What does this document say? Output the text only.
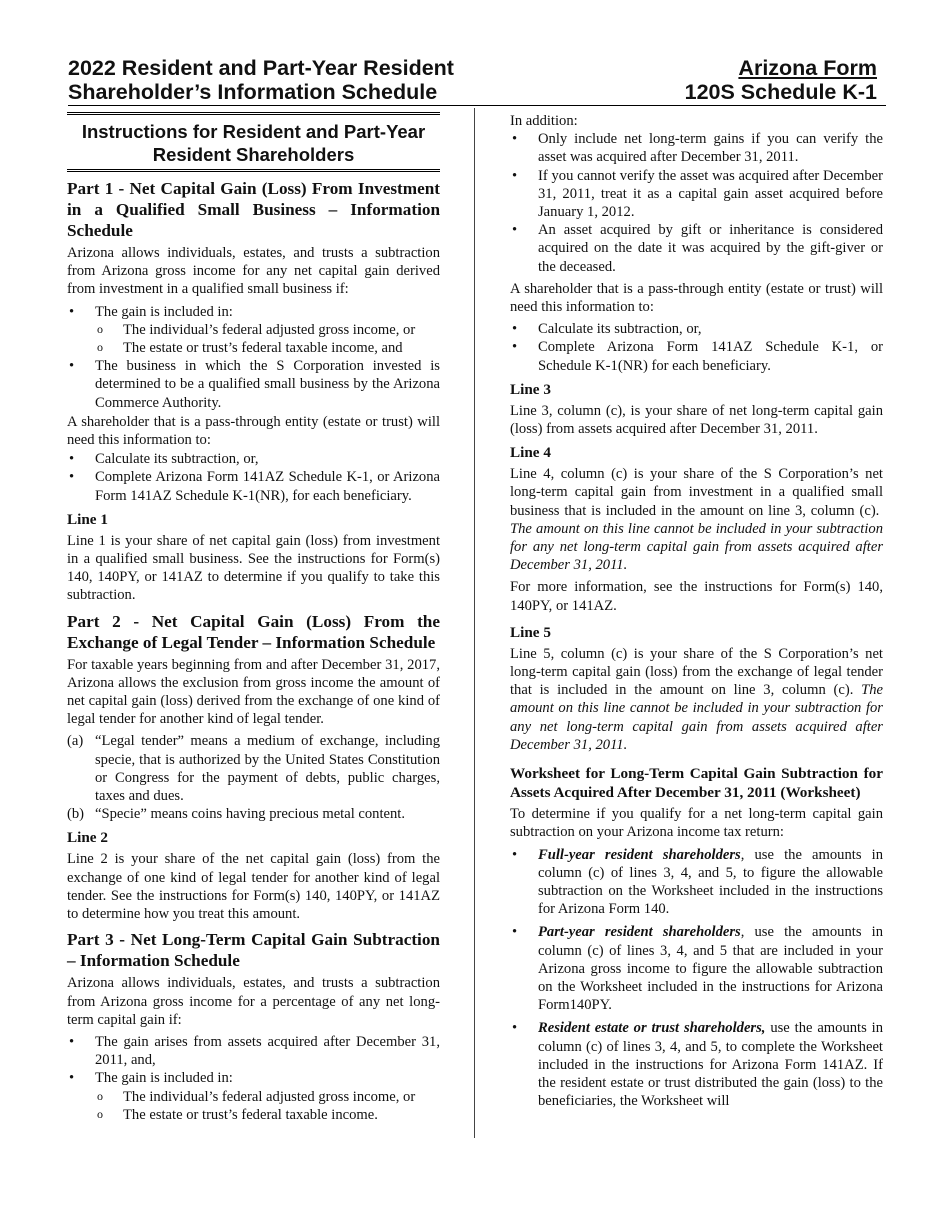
2022 Resident and Part-Year Resident
Shareholder’s Information Schedule
Arizona Form
120S Schedule K-1
Instructions for Resident and Part-Year Resident Shareholders
Part 1 - Net Capital Gain (Loss) From Investment in a Qualified Small Business – Information Schedule

Arizona allows individuals, estates, and trusts a subtraction from Arizona gross income for any net capital gain derived from investment in a qualified small business if:

• The gain is included in:
o The individual’s federal adjusted gross income, or
o The estate or trust’s federal taxable income, and
• The business in which the S Corporation invested is determined to be a qualified small business by the Arizona Commerce Authority.

A shareholder that is a pass-through entity (estate or trust) will need this information to:

• Calculate its subtraction, or,
• Complete Arizona Form 141AZ Schedule K-1, or Arizona Form 141AZ Schedule K-1(NR), for each beneficiary.
Line 1

Line 1 is your share of net capital gain (loss) from investment in a qualified small business. See the instructions for Form(s) 140, 140PY, or 141AZ to determine if you qualify to take this subtraction.

Part 2 - Net Capital Gain (Loss) From the Exchange of Legal Tender – Information Schedule

For taxable years beginning from and after December 31, 2017, Arizona allows the exclusion from gross income the amount of net capital gain (loss) derived from the exchange of one kind of legal tender for another kind of legal tender.

(a) “Legal tender” means a medium of exchange, including specie, that is authorized by the United States Constitution or Congress for the payment of debts, public charges, taxes and dues.
(b) “Specie” means coins having precious metal content.
Line 2

Line 2 is your share of the net capital gain (loss) from the exchange of one kind of legal tender for another kind of legal tender. See the instructions for Form(s) 140, 140PY, or 141AZ to determine how you treat this amount.

Part 3 - Net Long-Term Capital Gain Subtraction – Information Schedule

Arizona allows individuals, estates, and trusts a subtraction from Arizona gross income for a percentage of any net long-term capital gain if:

• The gain arises from assets acquired after December 31, 2011, and,
• The gain is included in:
o The individual’s federal adjusted gross income, or
o The estate or trust’s federal taxable income.

In addition:

• Only include net long-term gains if you can verify the asset was acquired after December 31, 2011.
• If you cannot verify the asset was acquired after December 31, 2011, treat it as a capital gain asset acquired before January 1, 2012.
• An asset acquired by gift or inheritance is considered acquired on the date it was acquired by the gift-giver or the deceased.

A shareholder that is a pass-through entity (estate or trust) will need this information to:

• Calculate its subtraction, or,
• Complete Arizona Form 141AZ Schedule K-1, or Schedule K-1(NR) for each beneficiary.
Line 3

Line 3, column (c), is your share of net long-term capital gain (loss) from assets acquired after December 31, 2011.

Line 4

Line 4, column (c) is your share of the S Corporation’s net long-term capital gain from investment in a qualified small business that is included in the amount on line 3, column (c).  The amount on this line cannot be included in your subtraction for any net long-term capital gain from assets acquired after December 31, 2011.

For more information, see the instructions for Form(s) 140, 140PY, or 141AZ.

Line 5

Line 5, column (c) is your share of the S Corporation’s net long-term capital gain (loss) from the exchange of legal tender that is included in the amount on line 3, column (c). The amount on this line cannot be included in your subtraction for any net long-term capital gain from assets acquired after December 31, 2011.

Worksheet for Long-Term Capital Gain Subtraction for Assets Acquired After December 31, 2011 (Worksheet)

To determine if you qualify for a net long-term capital gain subtraction on your Arizona income tax return:

• Full-year resident shareholders, use the amounts in column (c) of lines 3, 4, and 5, to figure the allowable subtraction on the Worksheet included in the instructions for Arizona Form 140.
• Part-year resident shareholders, use the amounts in column (c) of lines 3, 4, and 5 that are included in your Arizona gross income to figure the allowable subtraction on the Worksheet included in the instructions for Arizona Form140PY.
• Resident estate or trust shareholders, use the amounts in column (c) of lines 3, 4, and 5, to complete the Worksheet included in the instructions for Arizona Form 141AZ. If the resident estate or trust distributed the gain (loss) to the beneficiaries, the Worksheet will
